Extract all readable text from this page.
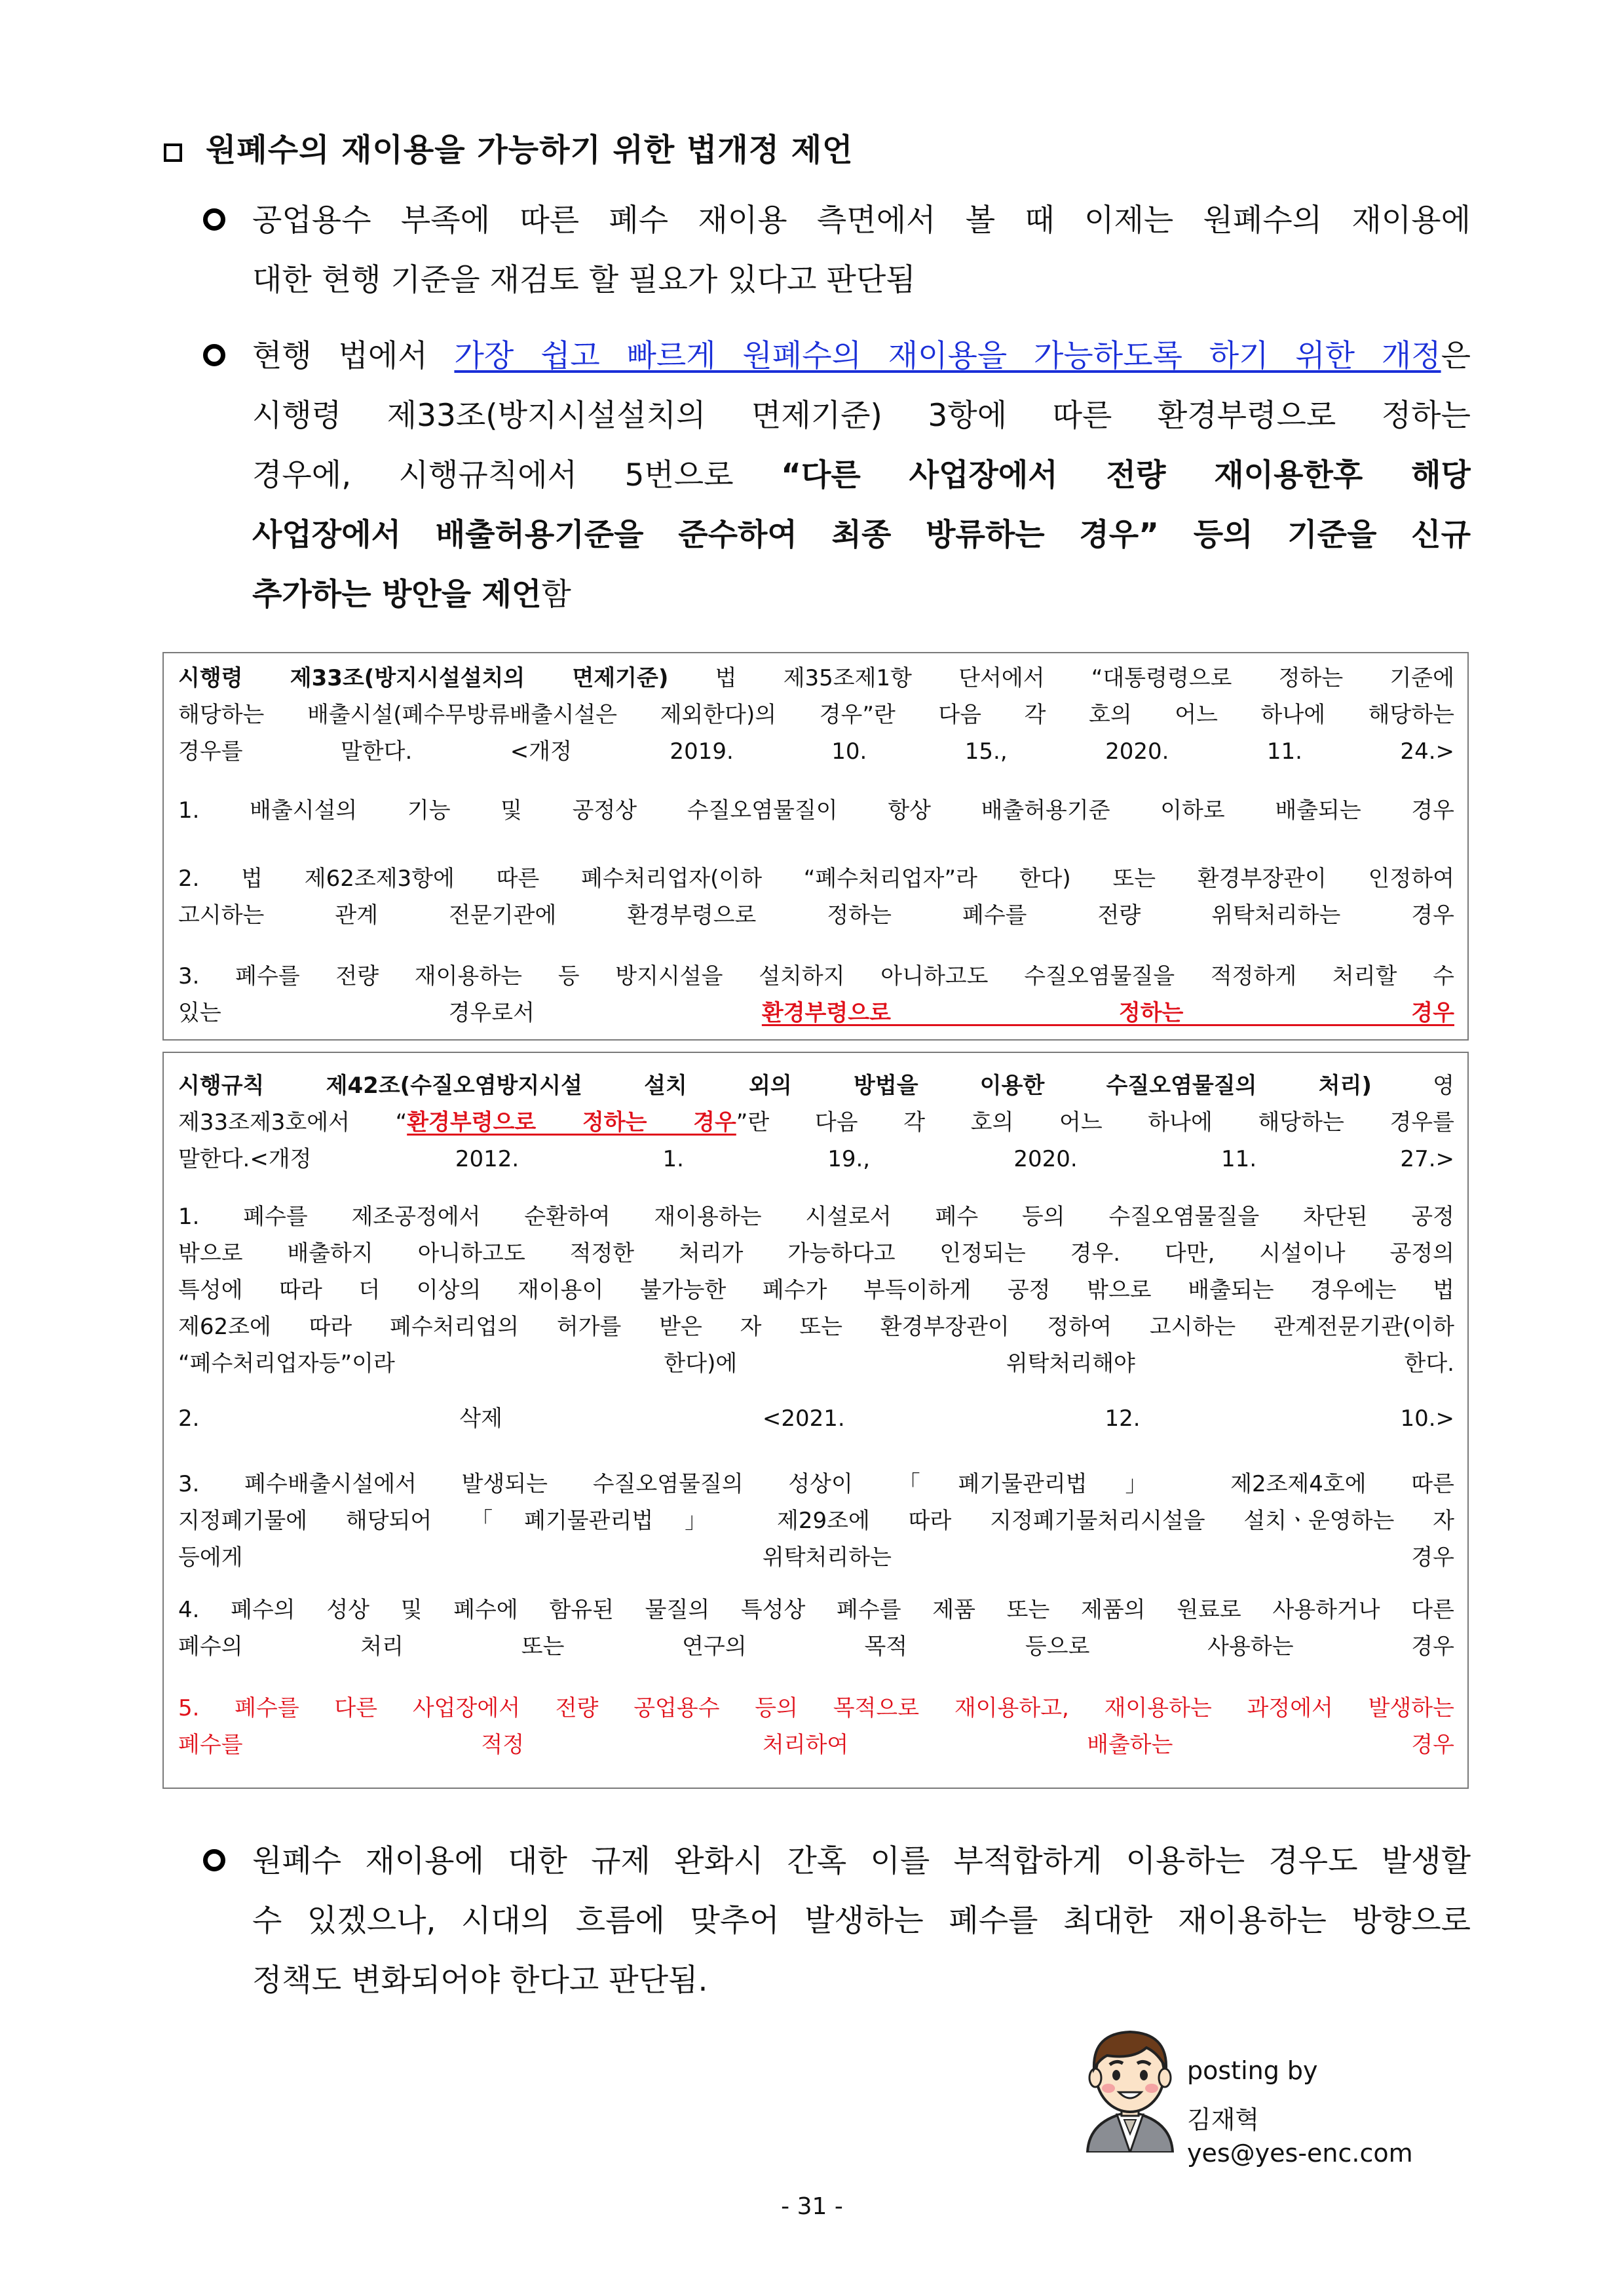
원폐수의 재이용을 가능하기 위한 법개정 제언
공업용수 부족에 따른 폐수 재이용 측면에서 볼 때 이제는 원폐수의 재이용에
대한 현행 기준을 재검토 할 필요가 있다고 판단됨
현행 법에서 가장 쉽고 빠르게 원폐수의 재이용을 가능하도록 하기 위한 개정은
시행령 제33조(방지시설설치의 면제기준) 3항에 따른 환경부령으로 정하는
경우에, 시행규칙에서 5번으로 “다른 사업장에서 전량 재이용한후 해당
사업장에서 배출허용기준을 준수하여 최종 방류하는 경우” 등의 기준을 신규
추가하는 방안을 제언함
시행령 제33조(방지시설설치의 면제기준) 법 제35조제1항 단서에서 “대통령령으로 정하는 기준에
해당하는 배출시설(폐수무방류배출시설은 제외한다)의 경우”란 다음 각 호의 어느 하나에 해당하는
경우를 말한다. <개정 2019. 10. 15., 2020. 11. 24.>
1. 배출시설의 기능 및 공정상 수질오염물질이 항상 배출허용기준 이하로 배출되는 경우
2. 법 제62조제3항에 따른 폐수처리업자(이하 “폐수처리업자”라 한다) 또는 환경부장관이 인정하여
고시하는 관계 전문기관에 환경부령으로 정하는 폐수를 전량 위탁처리하는 경우
3. 폐수를 전량 재이용하는 등 방지시설을 설치하지 아니하고도 수질오염물질을 적정하게 처리할 수
있는 경우로서 환경부령으로 정하는 경우
시행규칙 제42조(수질오염방지시설 설치 외의 방법을 이용한 수질오염물질의 처리) 영
제33조제3호에서 “환경부령으로 정하는 경우”란 다음 각 호의 어느 하나에 해당하는 경우를
말한다.<개정 2012. 1. 19., 2020. 11. 27.>
1. 폐수를 제조공정에서 순환하여 재이용하는 시설로서 폐수 등의 수질오염물질을 차단된 공정
밖으로 배출하지 아니하고도 적정한 처리가 가능하다고 인정되는 경우. 다만, 시설이나 공정의
특성에 따라 더 이상의 재이용이 불가능한 폐수가 부득이하게 공정 밖으로 배출되는 경우에는 법
제62조에 따라 폐수처리업의 허가를 받은 자 또는 환경부장관이 정하여 고시하는 관계전문기관(이하
“폐수처리업자등”이라 한다)에 위탁처리해야 한다.
2. 삭제 <2021. 12. 10.>
3. 폐수배출시설에서 발생되는 수질오염물질의 성상이 「폐기물관리법」 제2조제4호에 따른
지정폐기물에 해당되어 「폐기물관리법」 제29조에 따라 지정폐기물처리시설을 설치ㆍ운영하는 자
등에게 위탁처리하는 경우
4. 폐수의 성상 및 폐수에 함유된 물질의 특성상 폐수를 제품 또는 제품의 원료로 사용하거나 다른
폐수의 처리 또는 연구의 목적 등으로 사용하는 경우
5. 폐수를 다른 사업장에서 전량 공업용수 등의 목적으로 재이용하고, 재이용하는 과정에서 발생하는
폐수를 적정 처리하여 배출하는 경우
원폐수 재이용에 대한 규제 완화시 간혹 이를 부적합하게 이용하는 경우도 발생할
수 있겠으나, 시대의 흐름에 맞추어 발생하는 폐수를 최대한 재이용하는 방향으로
정책도 변화되어야 한다고 판단됨.
posting by
김재혁
yes@yes-enc.com
- 31 -
